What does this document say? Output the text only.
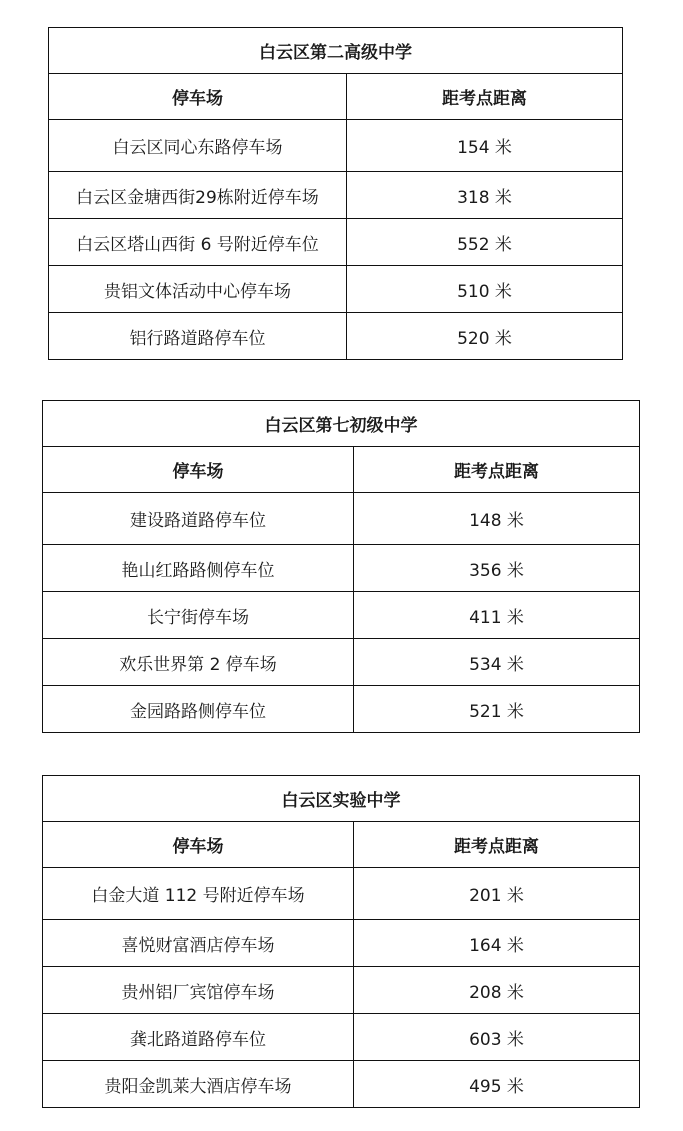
白云区第二高级中学	
停车场	距考点距离
白云区同心东路停车场	154 米
白云区金塘西街29栋附近停车场	318 米
白云区塔山西街 6 号附近停车位	552 米
贵铝文体活动中心停车场	510 米
铝行路道路停车位	520 米
白云区第七初级中学	
停车场	距考点距离
建设路道路停车位	148 米
艳山红路路侧停车位	356 米
长宁街停车场	411 米
欢乐世界第 2 停车场	534 米
金园路路侧停车位	521 米
白云区实验中学	
停车场	距考点距离
白金大道 112 号附近停车场	201 米
喜悦财富酒店停车场	164 米
贵州铝厂宾馆停车场	208 米
龚北路道路停车位	603 米
贵阳金凯莱大酒店停车场	495 米
